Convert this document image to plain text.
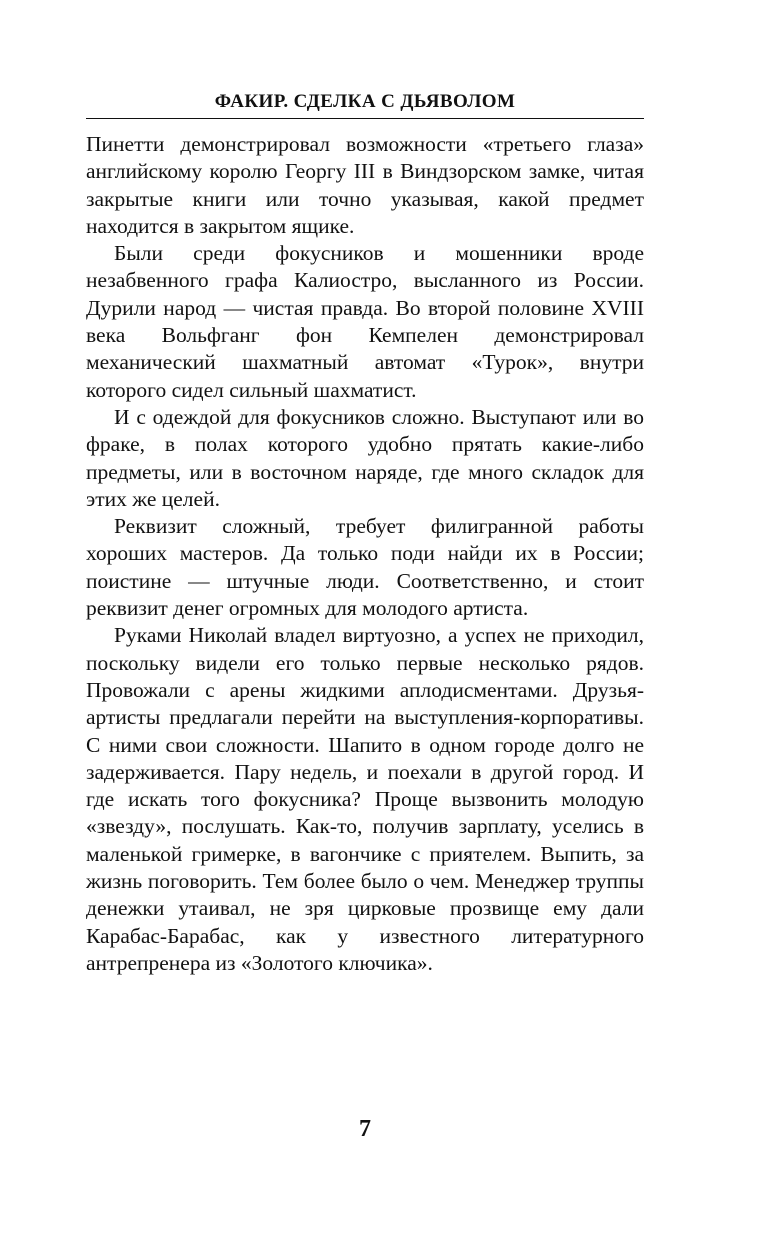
ФАКИР. СДЕЛКА С ДЬЯВОЛОМ

Пинетти демонстрировал возможности «третьего глаза» английскому королю Георгу III в Виндзорском замке, читая закрытые книги или точно указывая, какой предмет находится в закрытом ящике.

Были среди фокусников и мошенники вроде незабвенного графа Калиостро, высланного из России. Дурили народ — чистая правда. Во второй половине XVIII века Вольфганг фон Кемпелен демонстрировал механический шахматный автомат «Турок», внутри которого сидел сильный шахматист.

И с одеждой для фокусников сложно. Выступают или во фраке, в полах которого удобно прятать какие-либо предметы, или в восточном наряде, где много складок для этих же целей.

Реквизит сложный, требует филигранной работы хороших мастеров. Да только поди найди их в России; поистине — штучные люди. Соответственно, и стоит реквизит денег огромных для молодого артиста.

Руками Николай владел виртуозно, а успех не приходил, поскольку видели его только первые несколько рядов. Провожали с арены жидкими аплодисментами. Друзья-артисты предлагали перейти на выступления-корпоративы. С ними свои сложности. Шапито в одном городе долго не задерживается. Пару недель, и поехали в другой город. И где искать того фокусника? Проще вызвонить молодую «звезду», послушать. Как-то, получив зарплату, уселись в маленькой гримерке, в вагончике с приятелем. Выпить, за жизнь поговорить. Тем более было о чем. Менеджер труппы денежки утаивал, не зря цирковые прозвище ему дали Карабас-Барабас, как у известного литературного антрепренера из «Золотого ключика».

7
